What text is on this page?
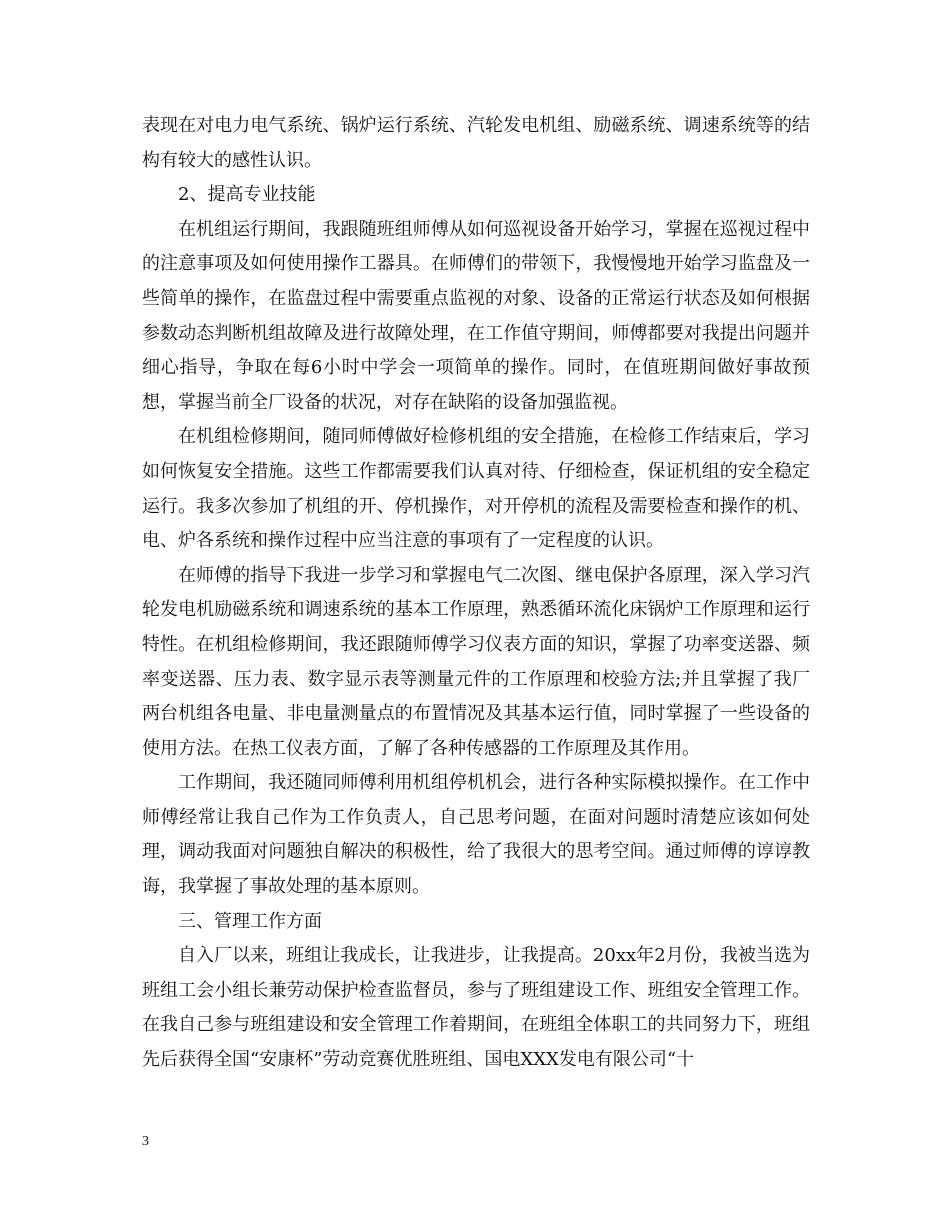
表现在对电力电气系统、锅炉运行系统、汽轮发电机组、励磁系统、调速系统等的结构有较大的感性认识。

2、提高专业技能

在机组运行期间，我跟随班组师傅从如何巡视设备开始学习，掌握在巡视过程中的注意事项及如何使用操作工器具。在师傅们的带领下，我慢慢地开始学习监盘及一些简单的操作，在监盘过程中需要重点监视的对象、设备的正常运行状态及如何根据参数动态判断机组故障及进行故障处理，在工作值守期间，师傅都要对我提出问题并细心指导，争取在每6小时中学会一项简单的操作。同时，在值班期间做好事故预想，掌握当前全厂设备的状况，对存在缺陷的设备加强监视。

在机组检修期间，随同师傅做好检修机组的安全措施，在检修工作结束后，学习如何恢复安全措施。这些工作都需要我们认真对待、仔细检查，保证机组的安全稳定运行。我多次参加了机组的开、停机操作，对开停机的流程及需要检查和操作的机、电、炉各系统和操作过程中应当注意的事项有了一定程度的认识。

在师傅的指导下我进一步学习和掌握电气二次图、继电保护各原理，深入学习汽轮发电机励磁系统和调速系统的基本工作原理，熟悉循环流化床锅炉工作原理和运行特性。在机组检修期间，我还跟随师傅学习仪表方面的知识，掌握了功率变送器、频率变送器、压力表、数字显示表等测量元件的工作原理和校验方法;并且掌握了我厂两台机组各电量、非电量测量点的布置情况及其基本运行值，同时掌握了一些设备的使用方法。在热工仪表方面，了解了各种传感器的工作原理及其作用。

工作期间，我还随同师傅利用机组停机机会，进行各种实际模拟操作。在工作中师傅经常让我自己作为工作负责人，自己思考问题，在面对问题时清楚应该如何处理，调动我面对问题独自解决的积极性，给了我很大的思考空间。通过师傅的谆谆教诲，我掌握了事故处理的基本原则。

三、管理工作方面

自入厂以来，班组让我成长，让我进步，让我提高。20xx年2月份，我被当选为班组工会小组长兼劳动保护检查监督员，参与了班组建设工作、班组安全管理工作。在我自己参与班组建设和安全管理工作着期间，在班组全体职工的共同努力下，班组先后获得全国“安康杯”劳动竞赛优胜班组、国电XXX发电有限公司“十

3
